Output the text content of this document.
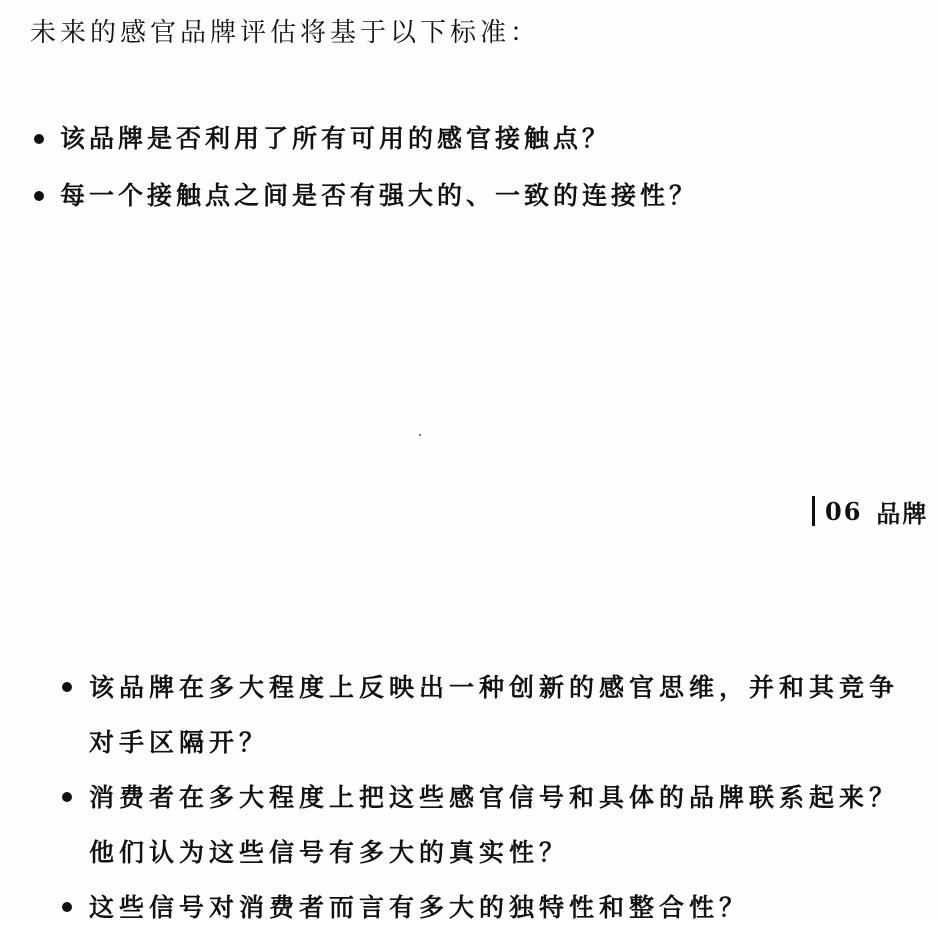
未来的感官品牌评估将基于以下标准：
该品牌是否利用了所有可用的感官接触点？
每一个接触点之间是否有强大的、一致的连接性？
06 品牌
该品牌在多大程度上反映出一种创新的感官思维，并和其竞争对手区隔开？
消费者在多大程度上把这些感官信号和具体的品牌联系起来？他们认为这些信号有多大的真实性？
这些信号对消费者而言有多大的独特性和整合性？
